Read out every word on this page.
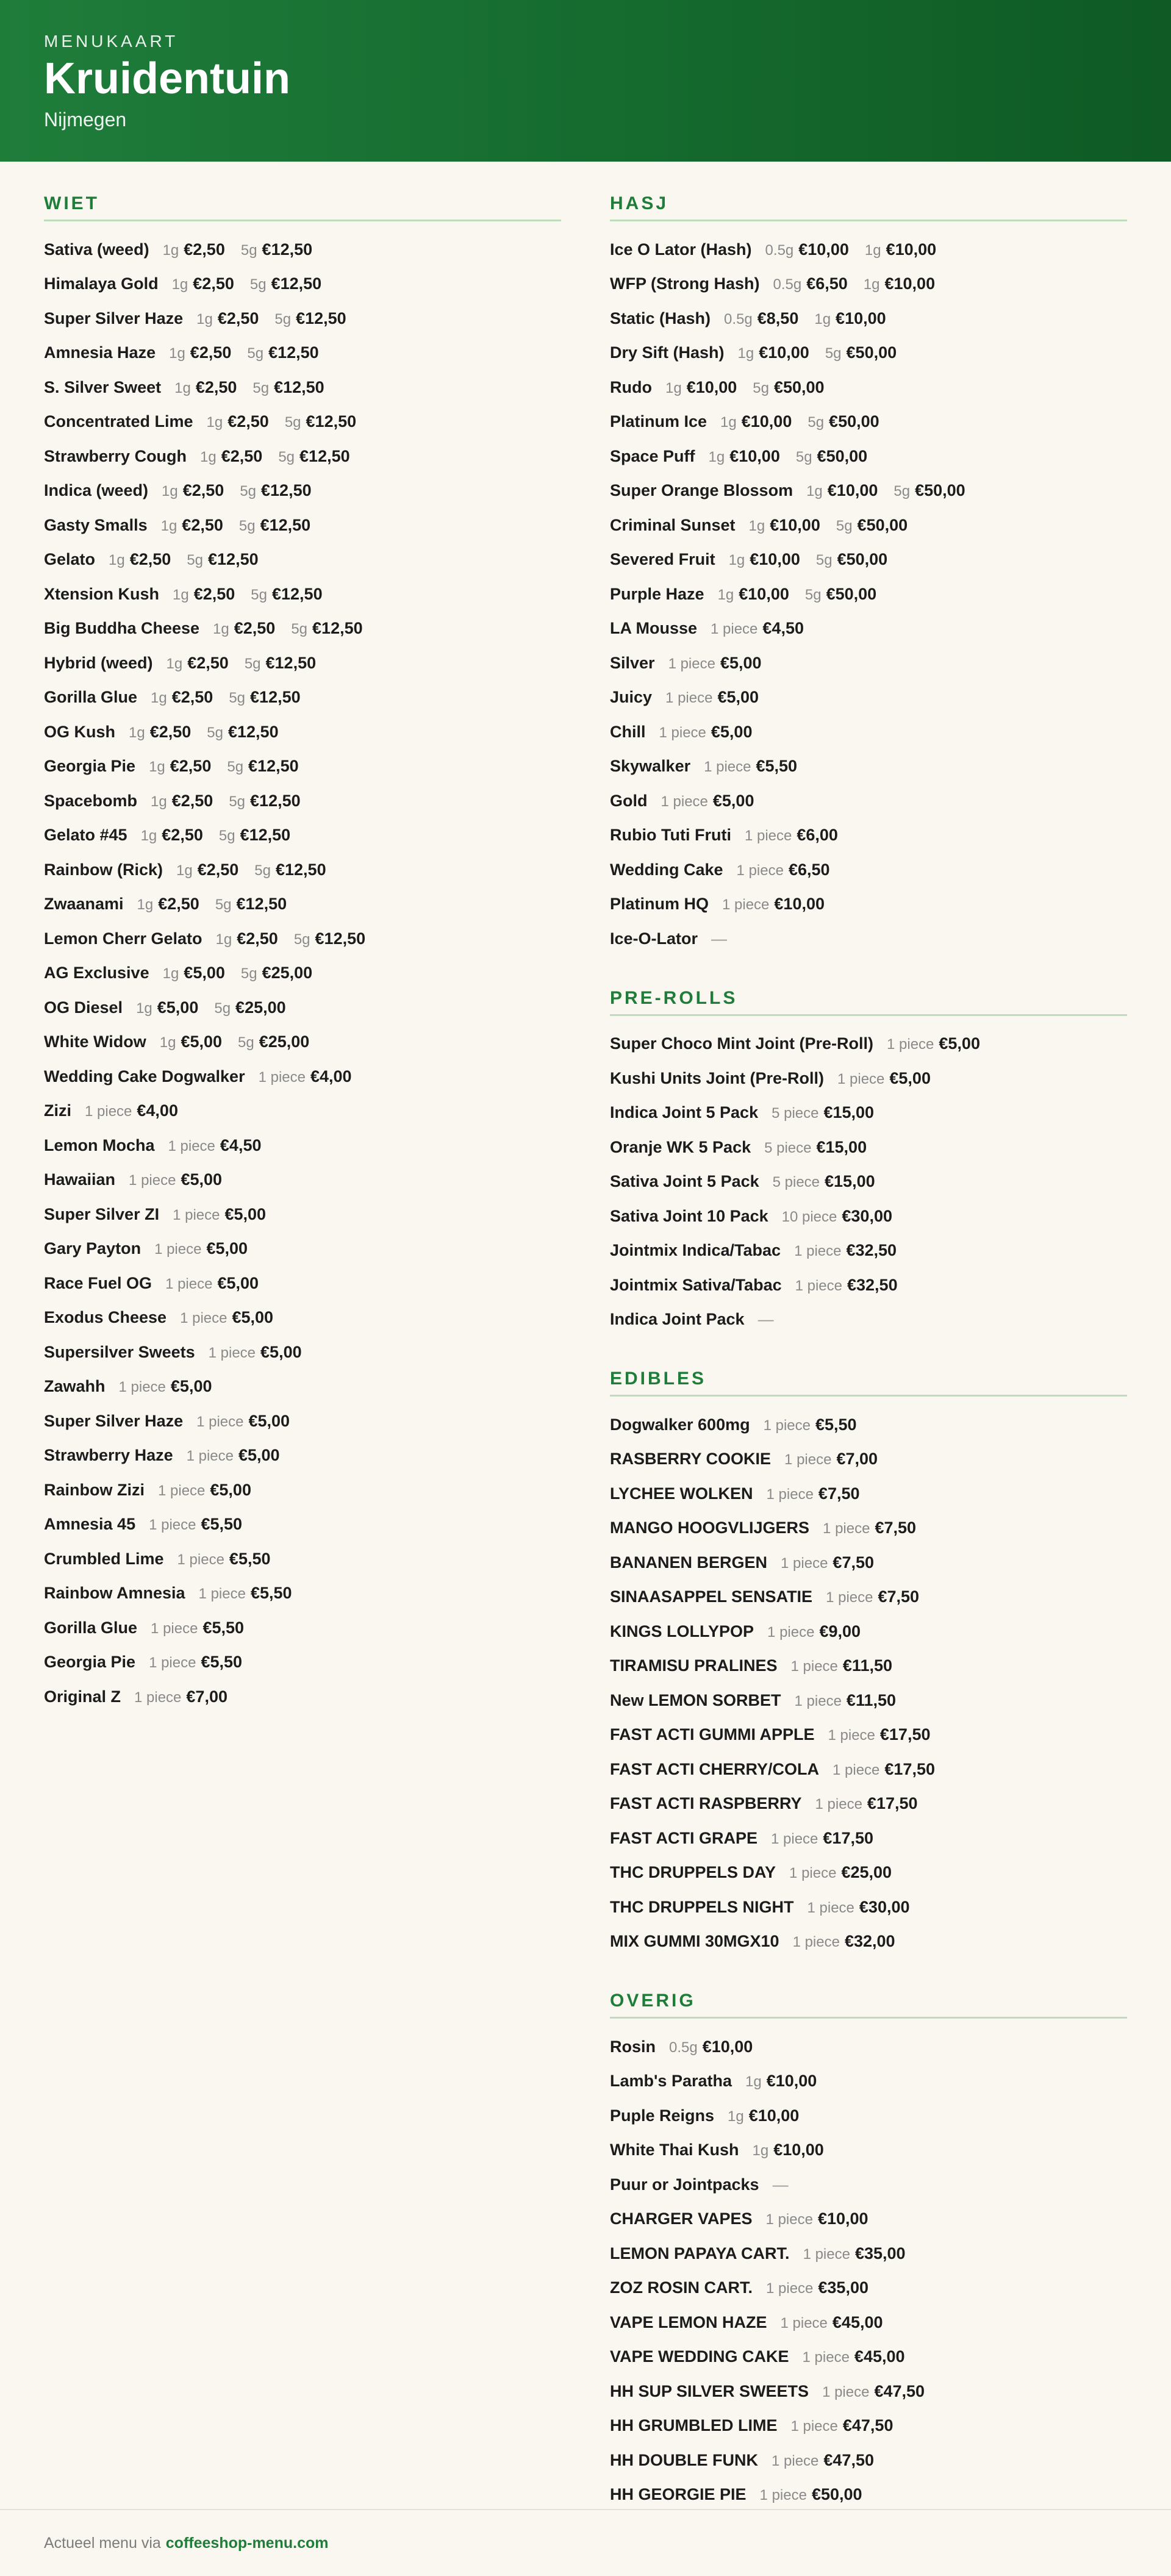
MENUKAART
Kruidentuin
Nijmegen
WIET
Sativa (weed) 1g €2,50 5g €12,50
Himalaya Gold 1g €2,50 5g €12,50
Super Silver Haze 1g €2,50 5g €12,50
Amnesia Haze 1g €2,50 5g €12,50
S. Silver Sweet 1g €2,50 5g €12,50
Concentrated Lime 1g €2,50 5g €12,50
Strawberry Cough 1g €2,50 5g €12,50
Indica (weed) 1g €2,50 5g €12,50
Gasty Smalls 1g €2,50 5g €12,50
Gelato 1g €2,50 5g €12,50
Xtension Kush 1g €2,50 5g €12,50
Big Buddha Cheese 1g €2,50 5g €12,50
Hybrid (weed) 1g €2,50 5g €12,50
Gorilla Glue 1g €2,50 5g €12,50
OG Kush 1g €2,50 5g €12,50
Georgia Pie 1g €2,50 5g €12,50
Spacebomb 1g €2,50 5g €12,50
Gelato #45 1g €2,50 5g €12,50
Rainbow (Rick) 1g €2,50 5g €12,50
Zwaanami 1g €2,50 5g €12,50
Lemon Cherr Gelato 1g €2,50 5g €12,50
AG Exclusive 1g €5,00 5g €25,00
OG Diesel 1g €5,00 5g €25,00
White Widow 1g €5,00 5g €25,00
Wedding Cake Dogwalker 1 piece €4,00
Zizi 1 piece €4,00
Lemon Mocha 1 piece €4,50
Hawaiian 1 piece €5,00
Super Silver ZI 1 piece €5,00
Gary Payton 1 piece €5,00
Race Fuel OG 1 piece €5,00
Exodus Cheese 1 piece €5,00
Supersilver Sweets 1 piece €5,00
Zawahh 1 piece €5,00
Super Silver Haze 1 piece €5,00
Strawberry Haze 1 piece €5,00
Rainbow Zizi 1 piece €5,00
Amnesia 45 1 piece €5,50
Crumbled Lime 1 piece €5,50
Rainbow Amnesia 1 piece €5,50
Gorilla Glue 1 piece €5,50
Georgia Pie 1 piece €5,50
Original Z 1 piece €7,00
HASJ
Ice O Lator (Hash) 0.5g €10,00 1g €10,00
WFP (Strong Hash) 0.5g €6,50 1g €10,00
Static (Hash) 0.5g €8,50 1g €10,00
Dry Sift (Hash) 1g €10,00 5g €50,00
Rudo 1g €10,00 5g €50,00
Platinum Ice 1g €10,00 5g €50,00
Space Puff 1g €10,00 5g €50,00
Super Orange Blossom 1g €10,00 5g €50,00
Criminal Sunset 1g €10,00 5g €50,00
Severed Fruit 1g €10,00 5g €50,00
Purple Haze 1g €10,00 5g €50,00
LA Mousse 1 piece €4,50
Silver 1 piece €5,00
Juicy 1 piece €5,00
Chill 1 piece €5,00
Skywalker 1 piece €5,50
Gold 1 piece €5,00
Rubio Tuti Fruti 1 piece €6,00
Wedding Cake 1 piece €6,50
Platinum HQ 1 piece €10,00
Ice-O-Lator —
PRE-ROLLS
Super Choco Mint Joint (Pre-Roll) 1 piece €5,00
Kushi Units Joint (Pre-Roll) 1 piece €5,00
Indica Joint 5 Pack 5 piece €15,00
Oranje WK 5 Pack 5 piece €15,00
Sativa Joint 5 Pack 5 piece €15,00
Sativa Joint 10 Pack 10 piece €30,00
Jointmix Indica/Tabac 1 piece €32,50
Jointmix Sativa/Tabac 1 piece €32,50
Indica Joint Pack —
EDIBLES
Dogwalker 600mg 1 piece €5,50
RASBERRY COOKIE 1 piece €7,00
LYCHEE WOLKEN 1 piece €7,50
MANGO HOOGVLIJGERS 1 piece €7,50
BANANEN BERGEN 1 piece €7,50
SINAASAPPEL SENSATIE 1 piece €7,50
KINGS LOLLYPOP 1 piece €9,00
TIRAMISU PRALINES 1 piece €11,50
New LEMON SORBET 1 piece €11,50
FAST ACTI GUMMI APPLE 1 piece €17,50
FAST ACTI CHERRY/COLA 1 piece €17,50
FAST ACTI RASPBERRY 1 piece €17,50
FAST ACTI GRAPE 1 piece €17,50
THC DRUPPELS DAY 1 piece €25,00
THC DRUPPELS NIGHT 1 piece €30,00
MIX GUMMI 30MGX10 1 piece €32,00
OVERIG
Rosin 0.5g €10,00
Lamb's Paratha 1g €10,00
Puple Reigns 1g €10,00
White Thai Kush 1g €10,00
Puur or Jointpacks —
CHARGER VAPES 1 piece €10,00
LEMON PAPAYA CART. 1 piece €35,00
ZOZ ROSIN CART. 1 piece €35,00
VAPE LEMON HAZE 1 piece €45,00
VAPE WEDDING CAKE 1 piece €45,00
HH SUP SILVER SWEETS 1 piece €47,50
HH GRUMBLED LIME 1 piece €47,50
HH DOUBLE FUNK 1 piece €47,50
HH GEORGIE PIE 1 piece €50,00
Actueel menu via coffeeshop-menu.com
